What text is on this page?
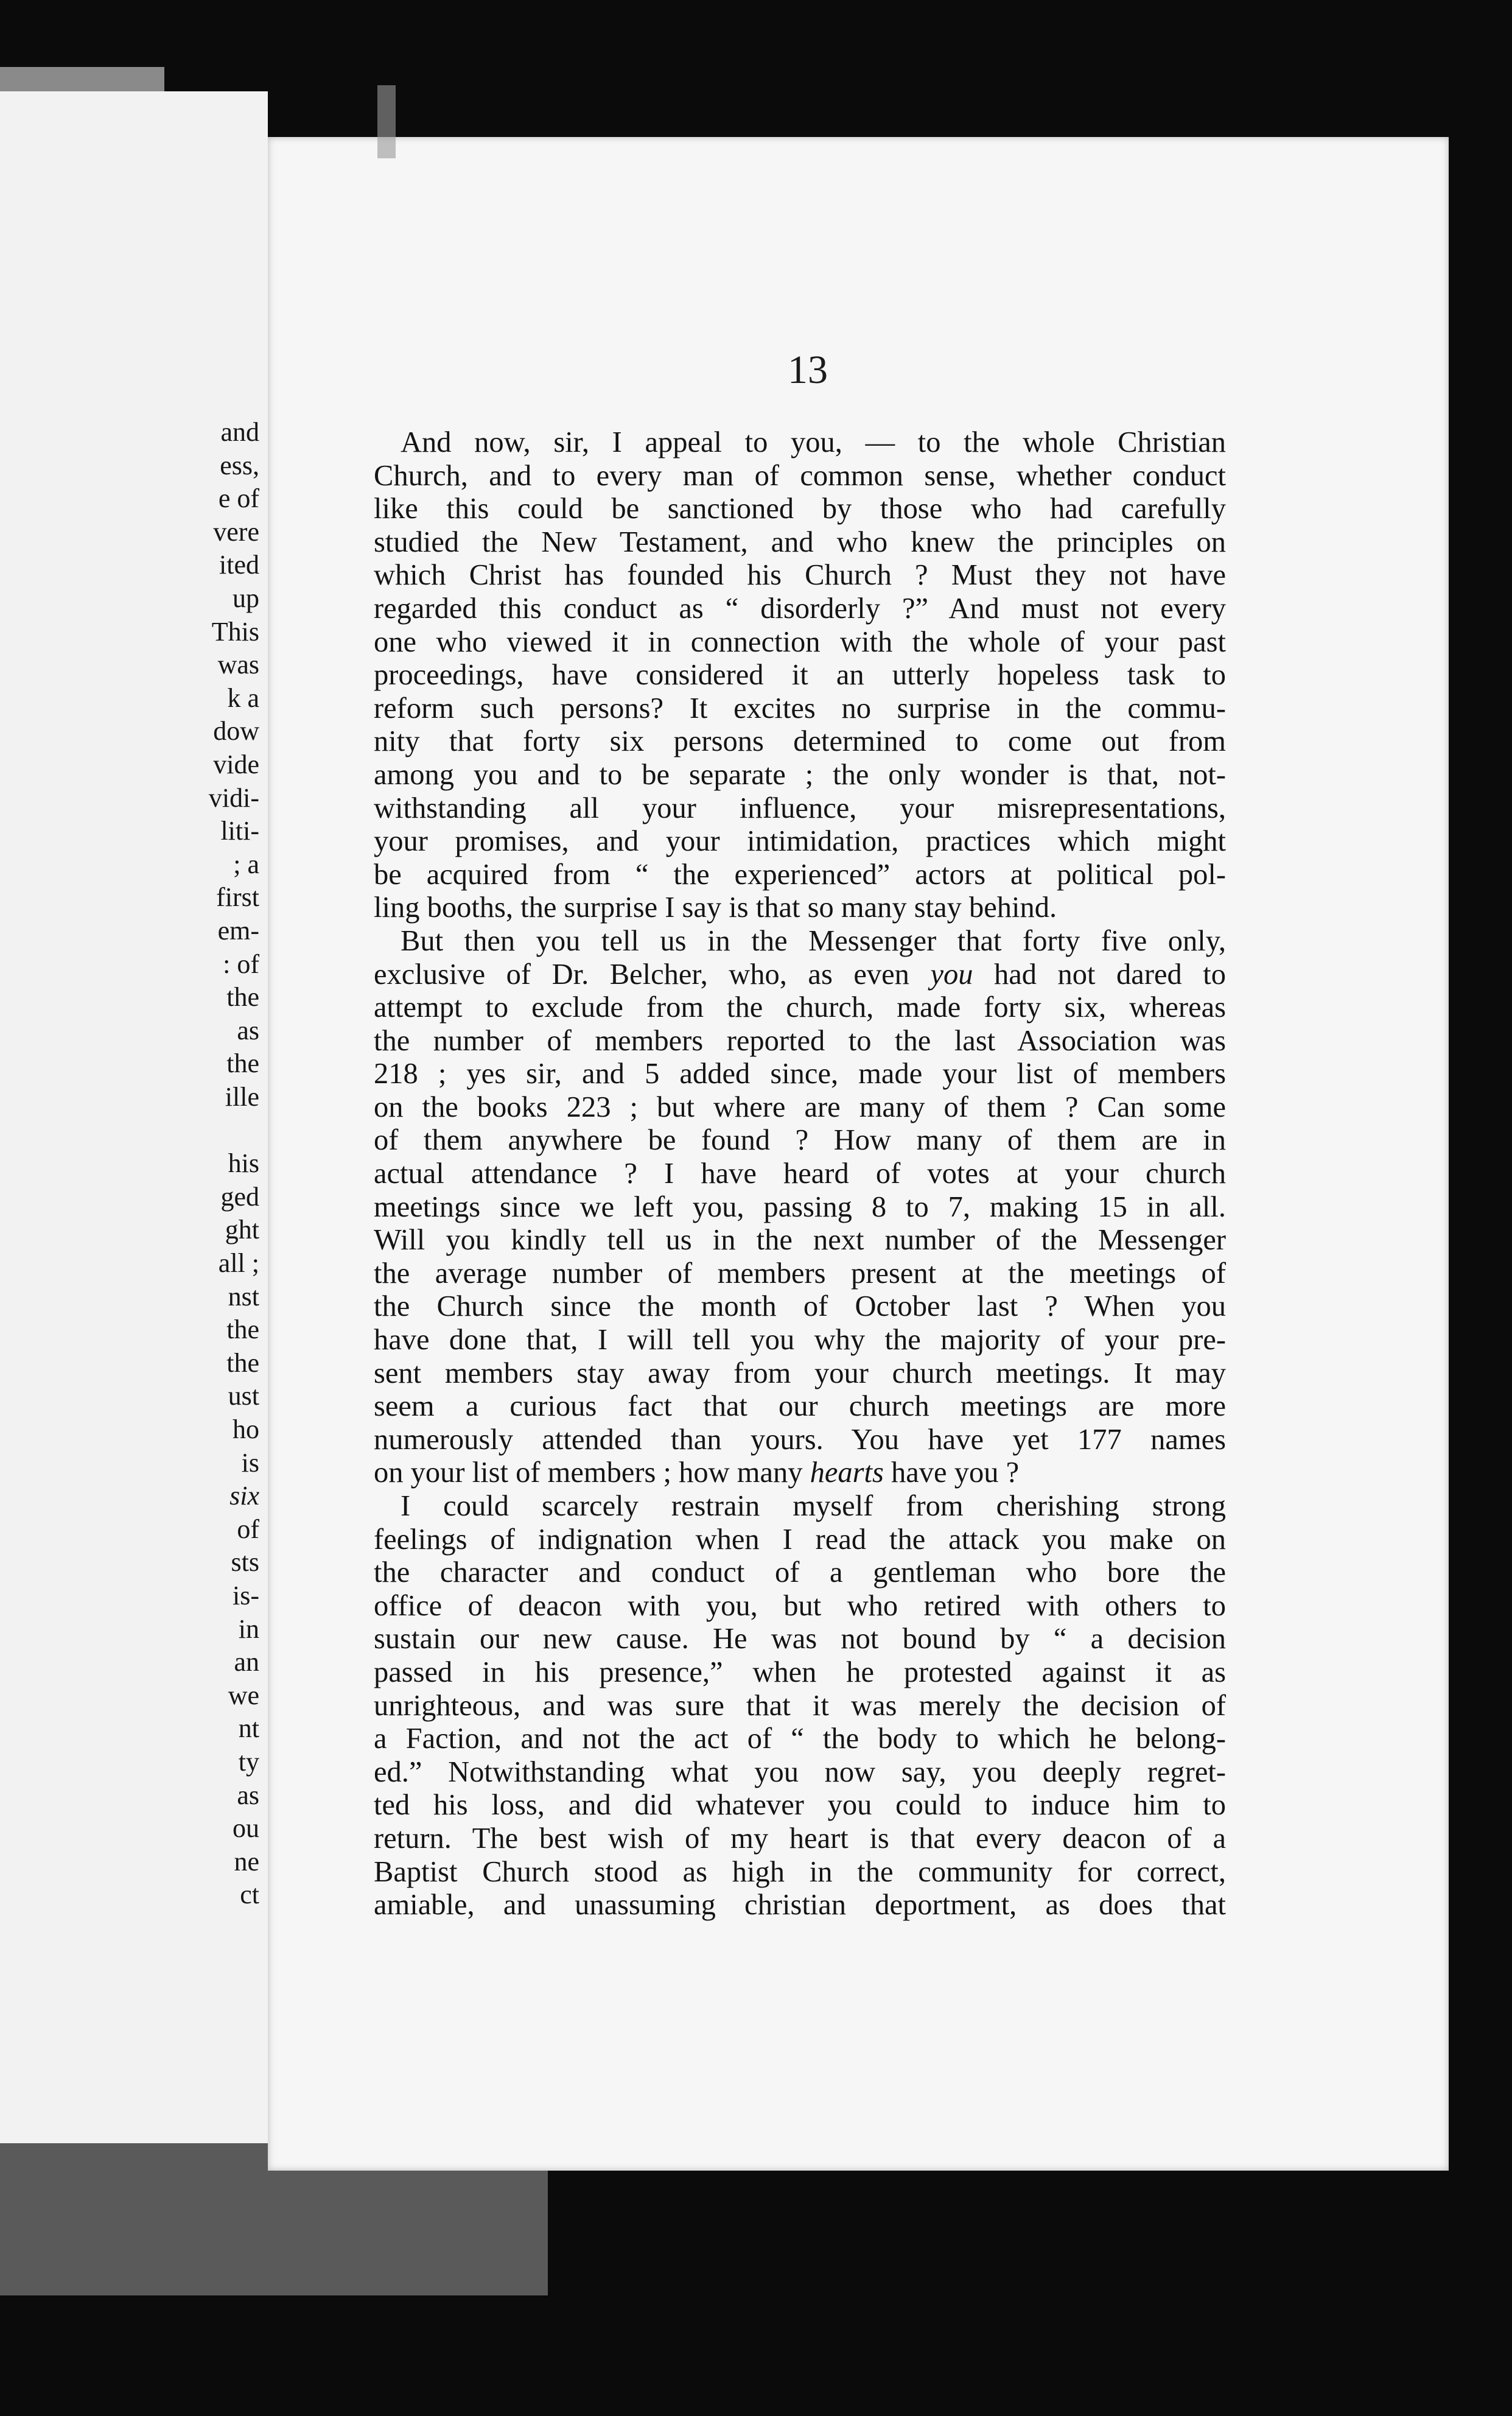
and
ess,
e of
vere
ited
up
This
was
k a
dow
vide
vidi-
liti-
; a
first
em-
: of
the
as
the
ille
his
ged
ght
all ;
nst
the
the
ust
ho
is
six
of
sts
is-
in
an
we
nt
ty
as
ou
ne
ct
13
And now, sir, I appeal to you, — to the whole Christian
Church, and to every man of common sense, whether conduct
like this could be sanctioned by those who had carefully
studied the New Testament, and who knew the principles on
which Christ has founded his Church ? Must they not have
regarded this conduct as “ disorderly ?” And must not every
one who viewed it in connection with the whole of your past
proceedings, have considered it an utterly hopeless task to
reform such persons? It excites no surprise in the commu-
nity that forty six persons determined to come out from
among you and to be separate ; the only wonder is that, not-
withstanding all your influence, your misrepresentations,
your promises, and your intimidation, practices which might
be acquired from “ the experienced” actors at political pol-
ling booths, the surprise I say is that so many stay behind.
But then you tell us in the Messenger that forty five only,
exclusive of Dr. Belcher, who, as even you had not dared to
attempt to exclude from the church, made forty six, whereas
the number of members reported to the last Association was
218 ; yes sir, and 5 added since, made your list of members
on the books 223 ; but where are many of them ? Can some
of them anywhere be found ? How many of them are in
actual attendance ? I have heard of votes at your church
meetings since we left you, passing 8 to 7, making 15 in all.
Will you kindly tell us in the next number of the Messenger
the average number of members present at the meetings of
the Church since the month of October last ? When you
have done that, I will tell you why the majority of your pre-
sent members stay away from your church meetings. It may
seem a curious fact that our church meetings are more
numerously attended than yours. You have yet 177 names
on your list of members ; how many hearts have you ?
I could scarcely restrain myself from cherishing strong
feelings of indignation when I read the attack you make on
the character and conduct of a gentleman who bore the
office of deacon with you, but who retired with others to
sustain our new cause. He was not bound by “ a decision
passed in his presence,” when he protested against it as
unrighteous, and was sure that it was merely the decision of
a Faction, and not the act of “ the body to which he belong-
ed.” Notwithstanding what you now say, you deeply regret-
ted his loss, and did whatever you could to induce him to
return. The best wish of my heart is that every deacon of a
Baptist Church stood as high in the community for correct,
amiable, and unassuming christian deportment, as does that
